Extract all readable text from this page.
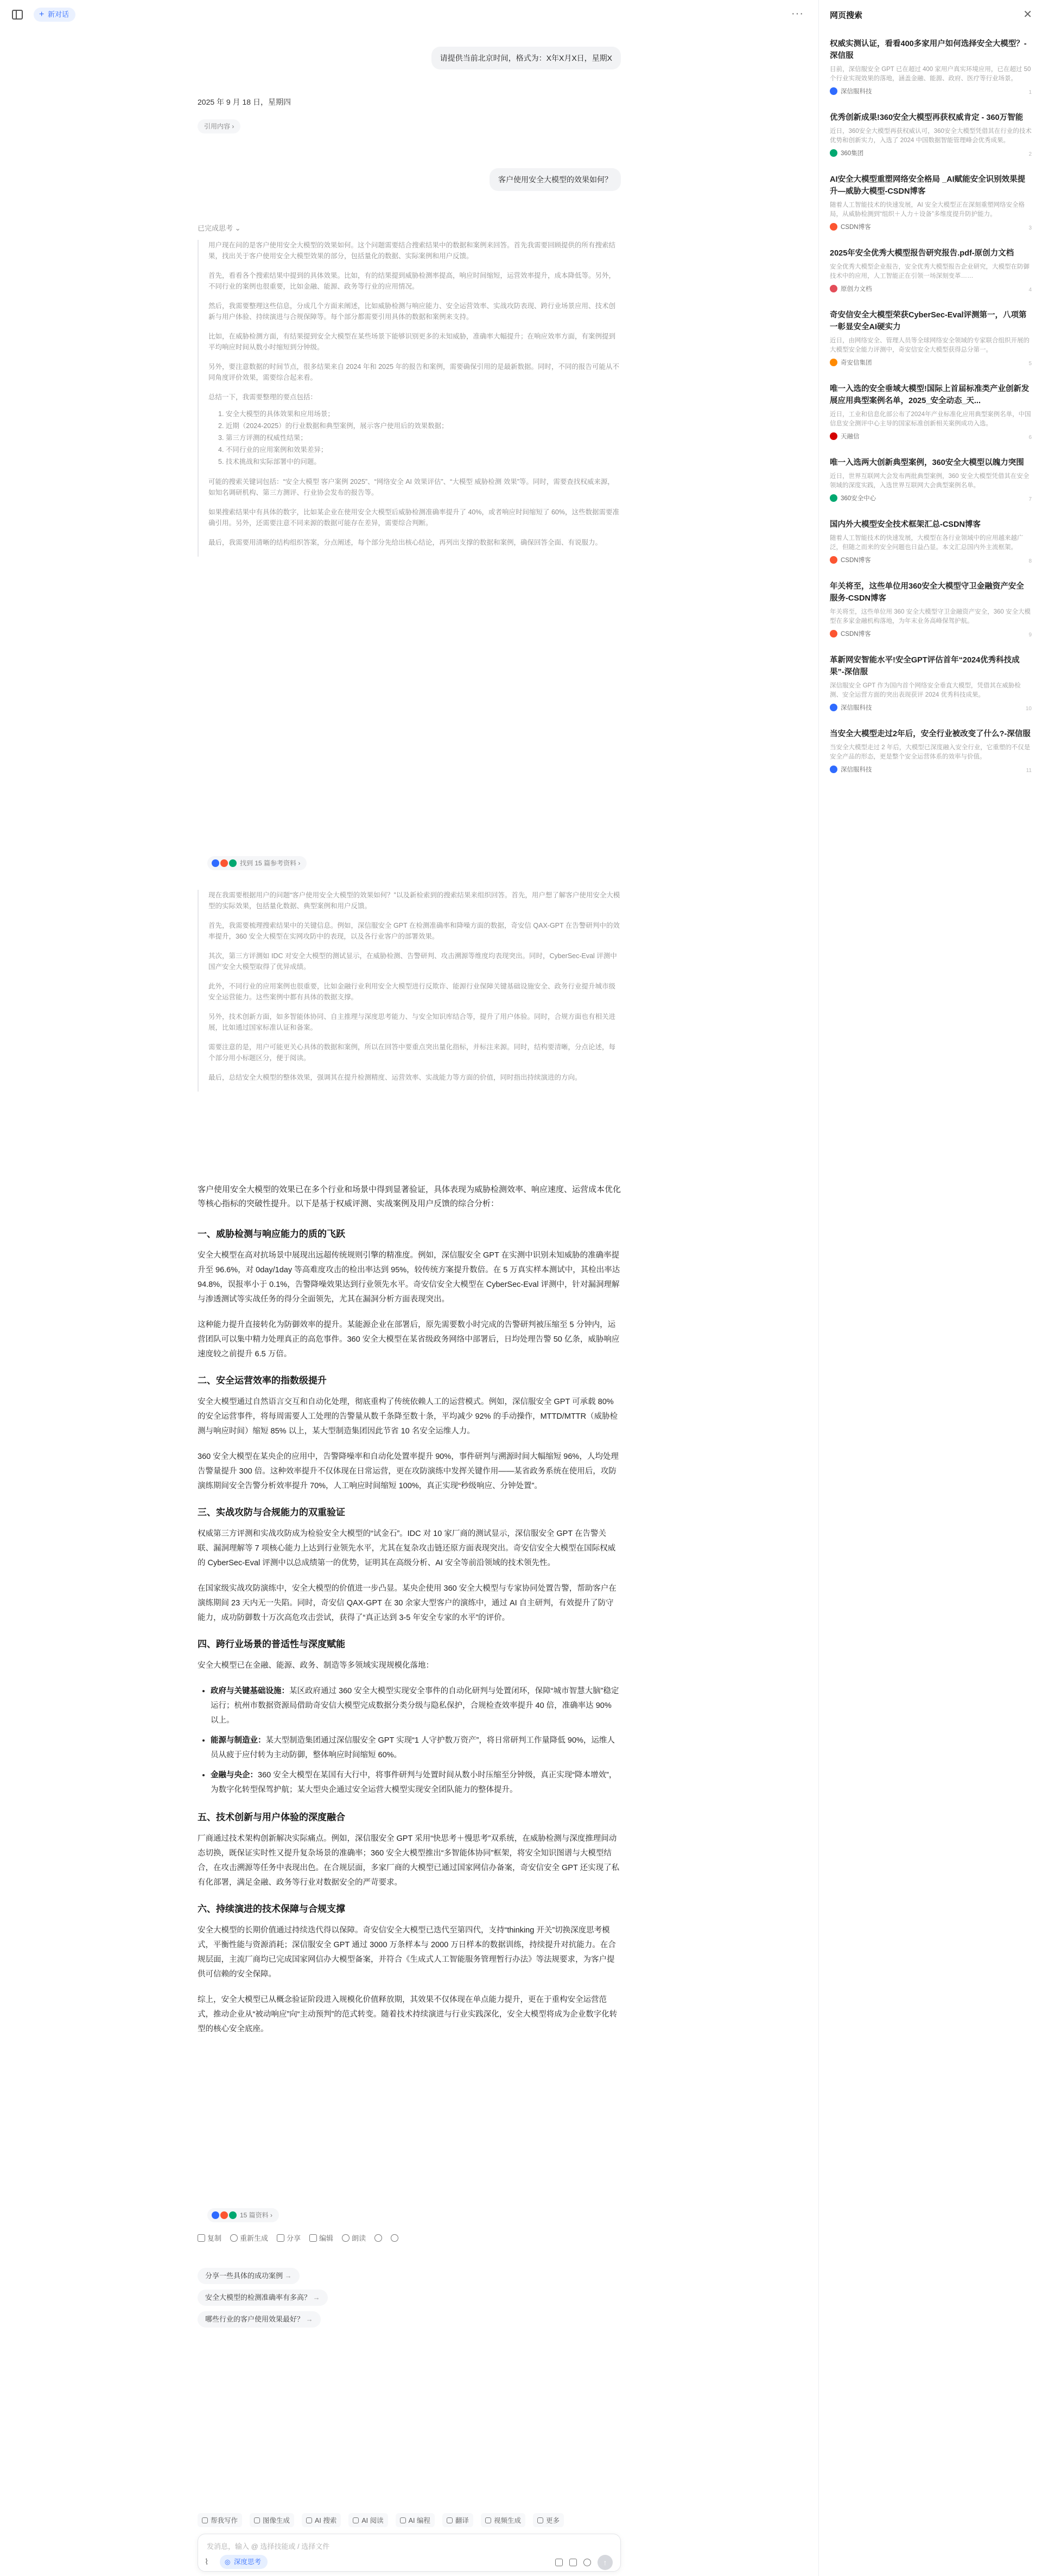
+ 新对话	···
请提供当前北京时间，格式为：X年X月X日，星期X
2025 年 9 月 18 日，星期四
引用内容 ›
客户使用安全大模型的效果如何？
已完成思考 ⌄

用户现在问的是客户使用安全大模型的效果如何。这个问题需要结合搜索结果中的数据和案例来回答。首先我需要回顾提供的所有搜索结果，找出关于客户使用安全大模型效果的部分，包括量化的数据、实际案例和用户反馈。

首先，看看各个搜索结果中提到的具体效果。比如，有的结果提到威胁检测率提高，响应时间缩短，运营效率提升，成本降低等。另外，不同行业的案例也很重要，比如金融、能源、政务等行业的应用情况。

然后，我需要整理这些信息，分成几个方面来阐述，比如威胁检测与响应能力、安全运营效率、实战攻防表现、跨行业场景应用、技术创新与用户体验、持续演进与合规保障等。每个部分都需要引用具体的数据和案例来支持。

比如，在威胁检测方面，有结果提到安全大模型在某些场景下能够识别更多的未知威胁，准确率大幅提升；在响应效率方面，有案例提到平均响应时间从数小时缩短到分钟级。

另外，要注意数据的时间节点，很多结果来自 2024 年和 2025 年的报告和案例，需要确保引用的是最新数据。同时，不同的报告可能从不同角度评价效果，需要综合起来看。

总结一下，我需要整理的要点包括：

1. 安全大模型的具体效果和应用场景；
2. 近期（2024-2025）的行业数据和典型案例，展示客户使用后的效果数据；
3. 第三方评测的权威性结果；
4. 不同行业的应用案例和效果差异；
5. 技术挑战和实际部署中的问题。

可能的搜索关键词包括：“安全大模型 客户案例 2025”、“网络安全 AI 效果评估”、“大模型 威胁检测 效果”等。同时，需要查找权威来源，如知名调研机构、第三方测评、行业协会发布的报告等。

如果搜索结果中有具体的数字，比如某企业在使用安全大模型后威胁检测准确率提升了 40%，或者响应时间缩短了 60%，这些数据需要准确引用。另外，还需要注意不同来源的数据可能存在差异，需要综合判断。

最后，我需要用清晰的结构组织答案，分点阐述，每个部分先给出核心结论，再列出支撑的数据和案例，确保回答全面、有说服力。

找到 15 篇参考资料 ›

现在我需要根据用户的问题“客户使用安全大模型的效果如何？”以及新检索到的搜索结果来组织回答。首先，用户想了解客户使用安全大模型的实际效果，包括量化数据、典型案例和用户反馈。

首先，我需要梳理搜索结果中的关键信息。例如，深信服安全 GPT 在检测准确率和降噪方面的数据，奇安信 QAX-GPT 在告警研判中的效率提升，360 安全大模型在实网攻防中的表现，以及各行业客户的部署效果。

其次，第三方评测如 IDC 对安全大模型的测试显示，在威胁检测、告警研判、攻击溯源等维度均表现突出。同时，CyberSec-Eval 评测中国产安全大模型取得了优异成绩。

此外，不同行业的应用案例也很重要，比如金融行业利用安全大模型进行反欺诈、能源行业保障关键基础设施安全、政务行业提升城市级安全运营能力。这些案例中都有具体的数据支撑。

另外，技术创新方面，如多智能体协同、自主推理与深度思考能力、与安全知识库结合等，提升了用户体验。同时，合规方面也有相关进展，比如通过国家标准认证和备案。

需要注意的是，用户可能更关心具体的数据和案例，所以在回答中要重点突出量化指标，并标注来源。同时，结构要清晰，分点论述，每个部分用小标题区分，便于阅读。

最后，总结安全大模型的整体效果，强调其在提升检测精度、运营效率、实战能力等方面的价值，同时指出持续演进的方向。

客户使用安全大模型的效果已在多个行业和场景中得到显著验证，具体表现为威胁检测效率、响应速度、运营成本优化等核心指标的突破性提升。以下是基于权威评测、实战案例及用户反馈的综合分析：

一、威胁检测与响应能力的质的飞跃

安全大模型在高对抗场景中展现出远超传统规则引擎的精准度。例如，深信服安全 GPT 在实测中识别未知威胁的准确率提升至 96.6%，对 0day/1day 等高难度攻击的检出率达到 95%，较传统方案提升数倍。在 5 万真实样本测试中，其检出率达 94.8%，误报率小于 0.1%，告警降噪效果达到行业领先水平。奇安信安全大模型在 CyberSec-Eval 评测中，针对漏洞理解与渗透测试等实战任务的得分全面领先，尤其在漏洞分析方面表现突出。

这种能力提升直接转化为防御效率的提升。某能源企业在部署后，原先需要数小时完成的告警研判被压缩至 5 分钟内，运营团队可以集中精力处理真正的高危事件。360 安全大模型在某省级政务网络中部署后，日均处理告警 50 亿条，威胁响应速度较之前提升 6.5 万倍。

二、安全运营效率的指数级提升

安全大模型通过自然语言交互和自动化处理，彻底重构了传统依赖人工的运营模式。例如，深信服安全 GPT 可承载 80% 的安全运营事件，将每周需要人工处理的告警量从数千条降至数十条，平均减少 92% 的手动操作，MTTD/MTTR（威胁检测与响应时间）缩短 85% 以上，某大型制造集团因此节省 10 名安全运维人力。

360 安全大模型在某央企的应用中，告警降噪率和自动化处置率提升 90%，事件研判与溯源时间大幅缩短 96%，人均处理告警量提升 300 倍。这种效率提升不仅体现在日常运营，更在攻防演练中发挥关键作用——某省政务系统在使用后，攻防演练期间安全告警分析效率提升 70%，人工响应时间缩短 100%，真正实现“秒级响应、分钟处置”。

三、实战攻防与合规能力的双重验证

权威第三方评测和实战攻防成为检验安全大模型的“试金石”。IDC 对 10 家厂商的测试显示，深信服安全 GPT 在告警关联、漏洞理解等 7 项核心能力上达到行业领先水平，尤其在复杂攻击链还原方面表现突出。奇安信安全大模型在国际权威的 CyberSec-Eval 评测中以总成绩第一的优势，证明其在高级分析、AI 安全等前沿领域的技术领先性。

在国家级实战攻防演练中，安全大模型的价值进一步凸显。某央企使用 360 安全大模型与专家协同处置告警，帮助客户在演练期间 23 天内无一失陷。同时，奇安信 QAX-GPT 在 30 余家大型客户的演练中，通过 AI 自主研判，有效提升了防守能力，成功防御数十万次高危攻击尝试，获得了“真正达到 3-5 年安全专家的水平”的评价。

四、跨行业场景的普适性与深度赋能

安全大模型已在金融、能源、政务、制造等多领域实现规模化落地：

• 政府与关键基础设施：某区政府通过 360 安全大模型实现安全事件的自动化研判与处置闭环，保障“城市智慧大脑”稳定运行；杭州市数据资源局借助奇安信大模型完成数据分类分级与隐私保护，合规检查效率提升 40 倍，准确率达 90% 以上。
• 能源与制造业：某大型制造集团通过深信服安全 GPT 实现“1 人守护数万资产”，将日常研判工作量降低 90%，运维人员从疲于应付转为主动防御，整体响应时间缩短 60%。
• 金融与央企：360 安全大模型在某国有大行中，将事件研判与处置时间从数小时压缩至分钟级，真正实现“降本增效”，为数字化转型保驾护航；某大型央企通过安全运营大模型实现安全团队能力的整体提升。
五、技术创新与用户体验的深度融合

厂商通过技术架构创新解决实际痛点。例如，深信服安全 GPT 采用“快思考＋慢思考”双系统，在威胁检测与深度推理间动态切换，既保证实时性又提升复杂场景的准确率；360 安全大模型推出“多智能体协同”框架，将安全知识图谱与大模型结合，在攻击溯源等任务中表现出色。在合规层面，多家厂商的大模型已通过国家网信办备案，奇安信安全 GPT 还实现了私有化部署，满足金融、政务等行业对数据安全的严苛要求。

六、持续演进的技术保障与合规支撑

安全大模型的长期价值通过持续迭代得以保障。奇安信安全大模型已迭代至第四代，支持“thinking 开关”切换深度思考模式，平衡性能与资源消耗；深信服安全 GPT 通过 3000 万条样本与 2000 万日样本的数据训练，持续提升对抗能力。在合规层面，主流厂商均已完成国家网信办大模型备案，并符合《生成式人工智能服务管理暂行办法》等法规要求，为客户提供可信赖的安全保障。

综上，安全大模型已从概念验证阶段进入规模化价值释放期，其效果不仅体现在单点能力提升，更在于重构安全运营范式，推动企业从“被动响应”向“主动预判”的范式转变。随着技术持续演进与行业实践深化，安全大模型将成为企业数字化转型的核心安全底座。

15 篇资料 ›
复制	重新生成	分享	编辑	朗读
分享一些具体的成功案例 →
安全大模型的检测准确率有多高？ →
哪些行业的客户使用效果最好？ →
帮我写作	图像生成	AI 搜索	AI 阅读	AI 编程	翻译	视频生成	更多
发消息，输入 @ 选择技能或 / 选择文件
⌇	◎ 深度思考	↑
网页搜索	✕
权威实测认证，看看400多家用户如何选择安全大模型？-深信服
目前，深信服安全 GPT 已在超过 400 家用户真实环境应用，已在超过 50 个行业实现效果的落地，涵盖金融、能源、政府、医疗等行业场景。
深信服科技	1
优秀创新成果!360安全大模型再获权威肯定 - 360万智能
近日，360安全大模型再获权威认可，360安全大模型凭借其在行业的技术优势和创新实力，入选了 2024 中国数据智能管理峰会优秀成果。
360集团	2
AI安全大模型重塑网络安全格局 _AI赋能安全识别效果提升—威胁大模型-CSDN博客
随着人工智能技术的快速发展，AI 安全大模型正在深刻重塑网络安全格局，从威胁检测到“组织＋人力＋设备”多维度提升防护能力。
CSDN博客	3
2025年安全优秀大模型报告研究报告.pdf-原创力文档
安全优秀大模型企业报告，安全优秀大模型报告企业研究，大模型在防御技术中的应用，人工智能正在引领一场深刻变革……
原创力文档	4
奇安信安全大模型荣获CyberSec-Eval评测第一，八项第一彰显安全AI硬实力
近日，由网络安全、管理人员等全球网络安全领域的专家联合组织开展的大模型安全能力评测中，奇安信安全大模型获得总分第一。
奇安信集团	5
唯一入选的安全垂域大模型!国际上首届标准类产业创新发展应用典型案例名单，2025_安全动态_天...
近日，工业和信息化部公布了2024年产业标准化应用典型案例名单，中国信息安全测评中心主导的国家标准创新相关案例成功入选。
天融信	6
唯一入选两大创新典型案例，360安全大模型以魄力突围
近日，世界互联网大会发布两批典型案例，360 安全大模型凭借其在安全领域的深度实践，入选世界互联网大会典型案例名单。
360安全中心	7
国内外大模型安全技术框架汇总-CSDN博客
随着人工智能技术的快速发展，大模型在各行业领域中的应用越来越广泛，但随之而来的安全问题也日益凸显。本文汇总国内外主流框架。
CSDN博客	8
年关将至，这些单位用360安全大模型守卫金融资产安全服务-CSDN博客
年关将至，这些单位用 360 安全大模型守卫金融资产安全，360 安全大模型在多家金融机构落地，为年末业务高峰保驾护航。
CSDN博客	9
革新网安智能水平!安全GPT评估首年“2024优秀科技成果”-深信服
深信服安全 GPT 作为国内首个网络安全垂直大模型，凭借其在威胁检测、安全运营方面的突出表现获评 2024 优秀科技成果。
深信服科技	10
当安全大模型走过2年后，安全行业被改变了什么?-深信服
当安全大模型走过 2 年后，大模型已深度融入安全行业，它重塑的不仅是安全产品的形态，更是整个安全运营体系的效率与价值。
深信服科技	11
